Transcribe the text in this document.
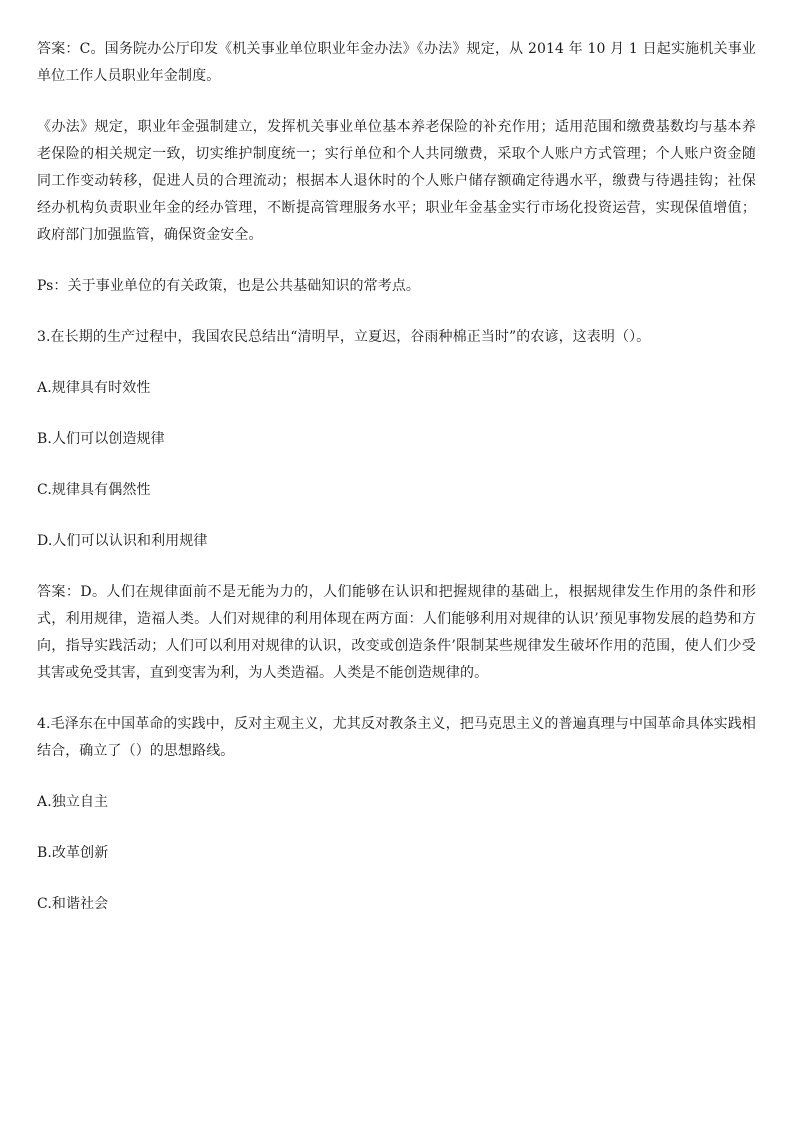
答案：C。国务院办公厅印发《机关事业单位职业年金办法》《办法》规定，从 2014 年 10 月 1 日起实施机关事业单位工作人员职业年金制度。

《办法》规定，职业年金强制建立，发挥机关事业单位基本养老保险的补充作用；适用范围和缴费基数均与基本养老保险的相关规定一致，切实维护制度统一；实行单位和个人共同缴费，采取个人账户方式管理；个人账户资金随同工作变动转移，促进人员的合理流动；根据本人退休时的个人账户储存额确定待遇水平，缴费与待遇挂钩；社保经办机构负责职业年金的经办管理，不断提高管理服务水平；职业年金基金实行市场化投资运营，实现保值增值；政府部门加强监管，确保资金安全。

Ps：关于事业单位的有关政策，也是公共基础知识的常考点。

3.在长期的生产过程中，我国农民总结出“清明早，立夏迟，谷雨种棉正当时”的农谚，这表明（）。

A.规律具有时效性

B.人们可以创造规律

C.规律具有偶然性

D.人们可以认识和利用规律

答案：D。人们在规律面前不是无能为力的，人们能够在认识和把握规律的基础上，根据规律发生作用的条件和形式，利用规律，造福人类。人们对规律的利用体现在两方面：人们能够利用对规律的认识’预见事物发展的趋势和方向，指导实践活动；人们可以利用对规律的认识，改变或创造条件’限制某些规律发生破坏作用的范围，使人们少受其害或免受其害，直到变害为利，为人类造福。人类是不能创造规律的。

4.毛泽东在中国革命的实践中，反对主观主义，尤其反对教条主义，把马克思主义的普遍真理与中国革命具体实践相结合，确立了（）的思想路线。

A.独立自主

B.改革创新

C.和谐社会
